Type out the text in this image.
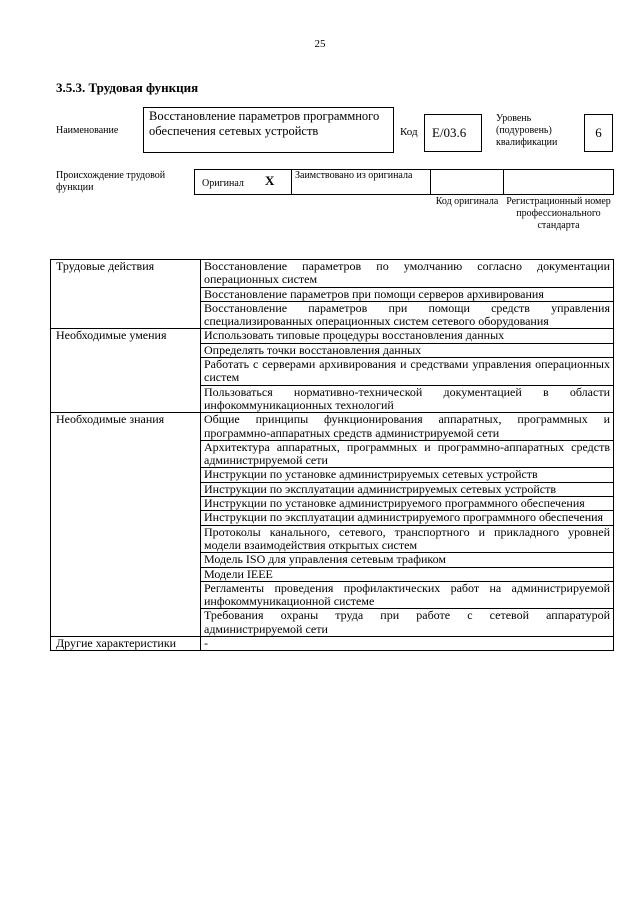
25
3.5.3. Трудовая функция
Наименование
Восстановление параметров программного обеспечения сетевых устройств	Код	E/03.6
Уровень (подуровень) квалификации
6
Происхождение трудовой функции	Оригинал X	Заимствовано из оригинала
Код оригинала Регистрационный номер профессионального стандарта
Трудовые действия	Восстановление параметров по умолчанию согласно документации операционных систем
	Восстановление параметров при помощи серверов архивирования
	Восстановление параметров при помощи средств управления специализированных операционных систем сетевого оборудования
Необходимые умения	Использовать типовые процедуры восстановления данных
	Определять точки восстановления данных
	Работать с серверами архивирования и средствами управления операционных систем
	Пользоваться нормативно-технической документацией в области инфокоммуникационных технологий
Необходимые знания	Общие принципы функционирования аппаратных, программных и программно-аппаратных средств администрируемой сети
	Архитектура аппаратных, программных и программно-аппаратных средств администрируемой сети
	Инструкции по установке администрируемых сетевых устройств
	Инструкции по эксплуатации администрируемых сетевых устройств
	Инструкции по установке администрируемого программного обеспечения
	Инструкции по эксплуатации администрируемого программного обеспечения
	Протоколы канального, сетевого, транспортного и прикладного уровней модели взаимодействия открытых систем
	Модель ISO для управления сетевым трафиком
	Модели IEEE
	Регламенты проведения профилактических работ на администрируемой инфокоммуникационной системе
	Требования охраны труда при работе с сетевой аппаратурой администрируемой сети
Другие характеристики	-
